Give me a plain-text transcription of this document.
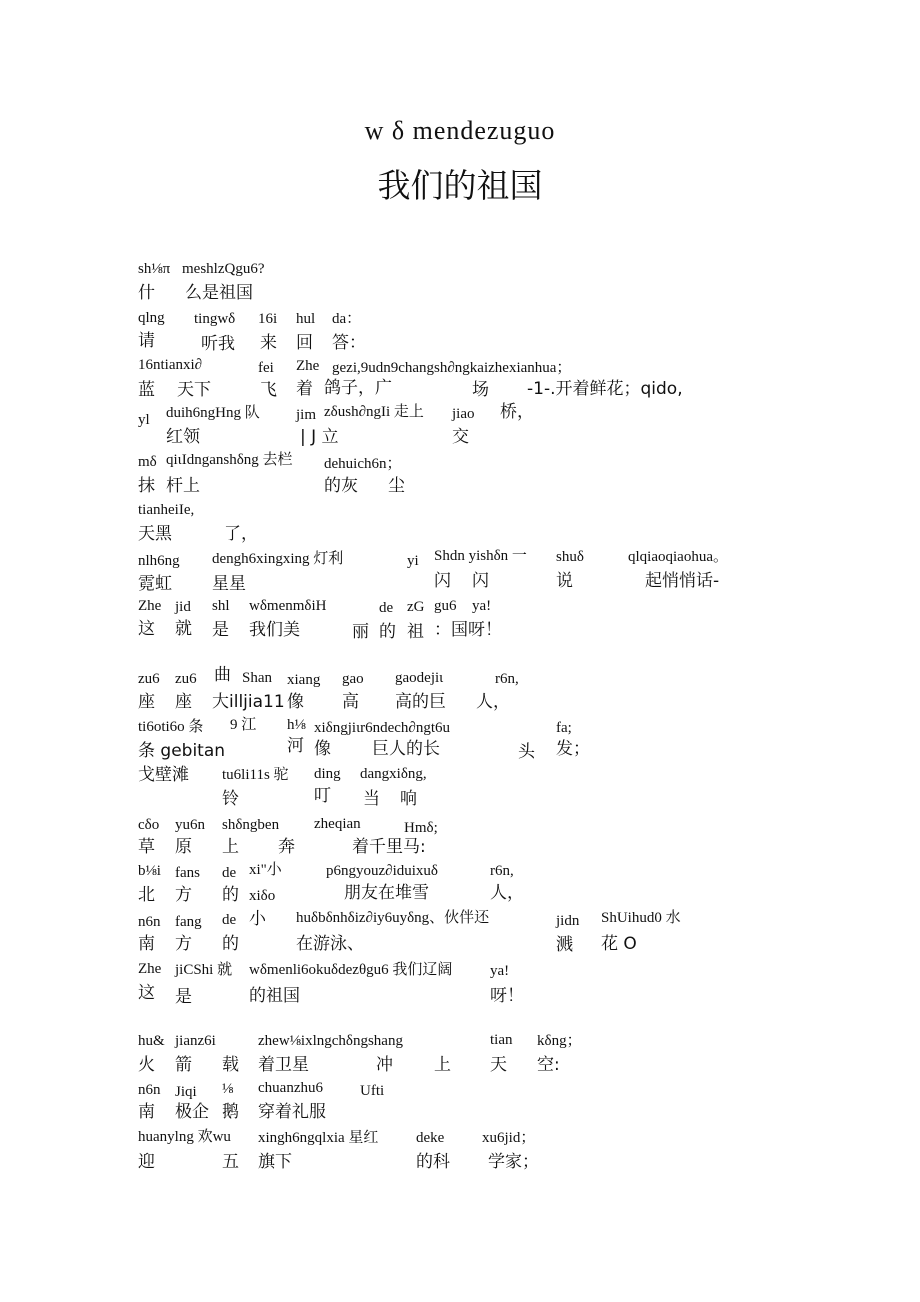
w δ mendezuguo
我们的祖国
sh⅛π meshlzQgu6?
什 么是祖国
qlng tingwδ 16i hul da：
请	听我 来 回 答：
16ntianxi∂	fei Zhe gezi,9udn9changsh∂ngkaizhexianhua；
蓝 天下	飞 着 鸽子，广	场 -1-.开着鲜花；qido,
yl duih6ngHng 队 jim zδush∂ngIi 走上 jiao 桥，
红领	| J 立	交
mδ qiιIdnganshδng 去栏 dehuich6n；
抹 杆上	的灰 尘
tianheiIe,
天黑	了，
nlh6ng dengh6xingxing 灯利	yi Shdn yishδn 一 shuδ	qlqiaoqiaohua。
霓虹 星星	闪 闪	说	起悄悄话-
Zhe jid shl wδmenmδiH	de zG gu6 ya!
这 就 是 我们美	丽 的 祖 ：国呀！
zu6 zu6 曲 Shan xiang gao gaodejiι	r6n,
座 座 大illjia11 像 高 高的巨 人，
ti6oti6o 条 9 江 h⅛ xiδngjiιr6ndech∂ngt6u	fa;
条 gebitan	河 像 巨人的长	头 发；
戈壁滩 tu6li11s 驼 ding dangxiδng,
铃	叮 当 响
cδo yu6n shδngben zheqian	Hmδ;
草 原 上 奔	着千里马:
b⅛i fans de xi"小	p6ngyouz∂iduixuδ	r6n,
北 方 的 xiδo	朋友在堆雪	人，
n6n fang de 小 huδbδnhδiz∂iy6uyδng、伙伴还	jidn ShUihud0 水
南 方 的	在游泳、	溅 花 O
Zhe jiCShi 就 wδmenli6okuδdezθgu6 我们辽阔	ya!
这 是	的祖国	呀！
hu& jianz6i	zhew⅛ixlngchδngshang	tian kδng；
火 箭 载 着卫星	冲 上 天 空:
n6n Jiqi ⅛ chuanzhu6 Ufti
南 极企 鹅 穿着礼服
huanylng 欢wu xingh6ngqlxia 星红	deke	xu6jid；
迎	五 旗下	的科 学家；
